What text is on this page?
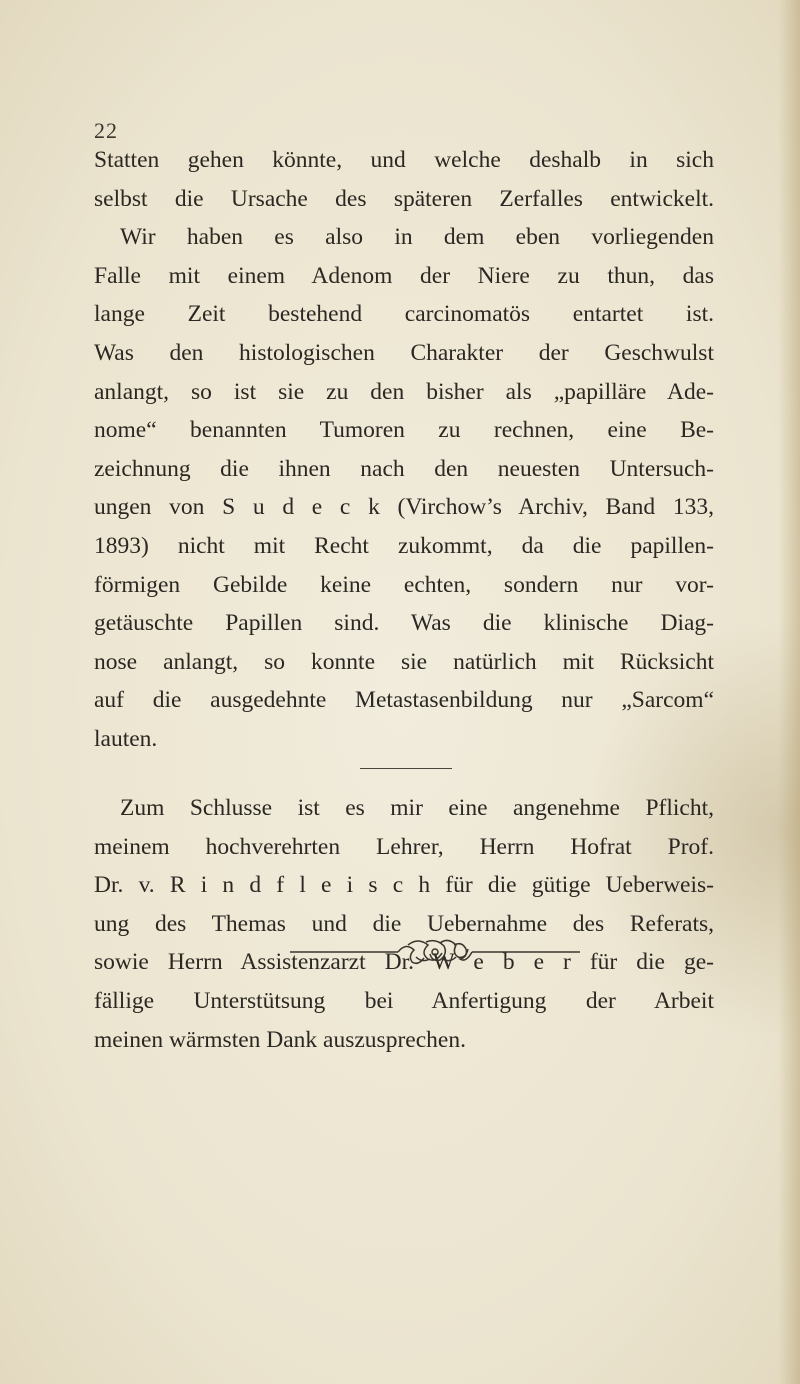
22
Statten gehen könnte, und welche deshalb in sich
selbst die Ursache des späteren Zerfalles entwickelt.
Wir haben es also in dem eben vorliegenden
Falle mit einem Adenom der Niere zu thun, das
lange Zeit bestehend carcinomatös entartet ist.
Was den histologischen Charakter der Geschwulst
anlangt, so ist sie zu den bisher als „papilläre Ade-
nome“ benannten Tumoren zu rechnen, eine Be-
zeichnung die ihnen nach den neuesten Untersuch-
ungen von S u d e c k (Virchow’s Archiv, Band 133,
1893) nicht mit Recht zukommt, da die papillen-
förmigen Gebilde keine echten, sondern nur vor-
getäuschte Papillen sind. Was die klinische Diag-
nose anlangt, so konnte sie natürlich mit Rücksicht
auf die ausgedehnte Metastasenbildung nur „Sarcom“
lauten.
Zum Schlusse ist es mir eine angenehme Pflicht,
meinem hochverehrten Lehrer, Herrn Hofrat Prof.
Dr. v. R i n d f l e i s c h für die gütige Ueberweis-
ung des Themas und die Uebernahme des Referats,
sowie Herrn Assistenzarzt Dr. W e b e r für die ge-
fällige Unterstütsung bei Anfertigung der Arbeit
meinen wärmsten Dank auszusprechen.
